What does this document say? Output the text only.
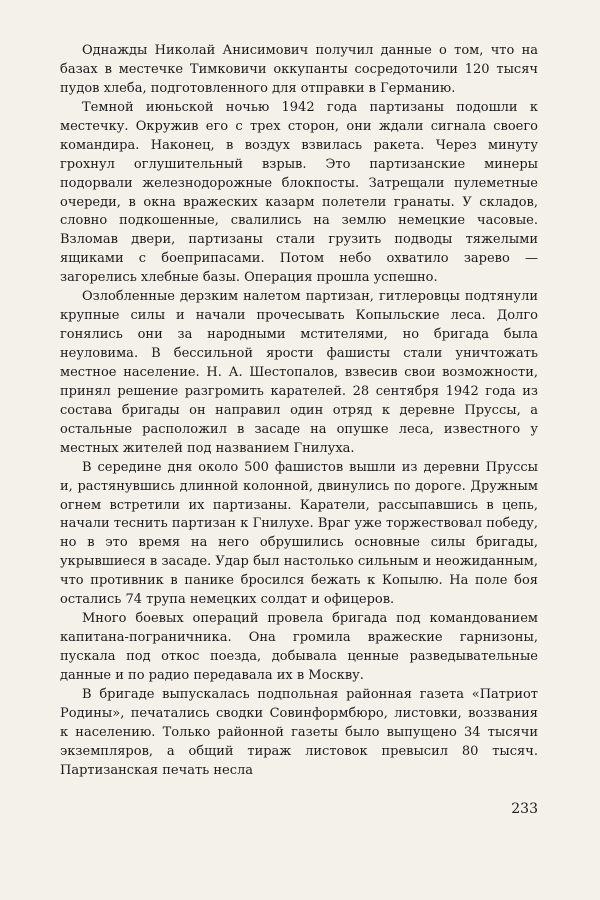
Однажды Николай Анисимович получил данные о том, что на базах в местечке Тимковичи оккупанты сосредоточили 120 тысяч пудов хлеба, подготовленного для отправки в Германию.

Темной июньской ночью 1942 года партизаны подошли к местечку. Окружив его с трех сторон, они ждали сигнала своего командира. Наконец, в воздух взвилась ракета. Через минуту грохнул оглушительный взрыв. Это партизанские минеры подорвали железнодорожные блокпосты. Затрещали пулеметные очереди, в окна вражеских казарм полетели гранаты. У складов, словно подкошенные, свалились на землю немецкие часовые. Взломав двери, партизаны стали грузить подводы тяжелыми ящиками с боеприпасами. Потом небо охватило зарево — загорелись хлебные базы. Операция прошла успешно.

Озлобленные дерзким налетом партизан, гитлеровцы подтянули крупные силы и начали прочесывать Копыльские леса. Долго гонялись они за народными мстителями, но бригада была неуловима. В бессильной ярости фашисты стали уничтожать местное население. Н. А. Шестопалов, взвесив свои возможности, принял решение разгромить карателей. 28 сентября 1942 года из состава бригады он направил один отряд к деревне Пруссы, а остальные расположил в засаде на опушке леса, известного у местных жителей под названием Гнилуха.

В середине дня около 500 фашистов вышли из деревни Пруссы и, растянувшись длинной колонной, двинулись по дороге. Дружным огнем встретили их партизаны. Каратели, рассыпавшись в цепь, начали теснить партизан к Гнилухе. Враг уже торжествовал победу, но в это время на него обрушились основные силы бригады, укрывшиеся в засаде. Удар был настолько сильным и неожиданным, что противник в панике бросился бежать к Копылю. На поле боя остались 74 трупа немецких солдат и офицеров.

Много боевых операций провела бригада под командованием капитана-пограничника. Она громила вражеские гарнизоны, пускала под откос поезда, добывала ценные разведывательные данные и по радио передавала их в Москву.

В бригаде выпускалась подпольная районная газета «Патриот Родины», печатались сводки Совинформбюро, листовки, воззвания к населению. Только районной газеты было выпущено 34 тысячи экземпляров, а общий тираж листовок превысил 80 тысяч. Партизанская печать несла

233
